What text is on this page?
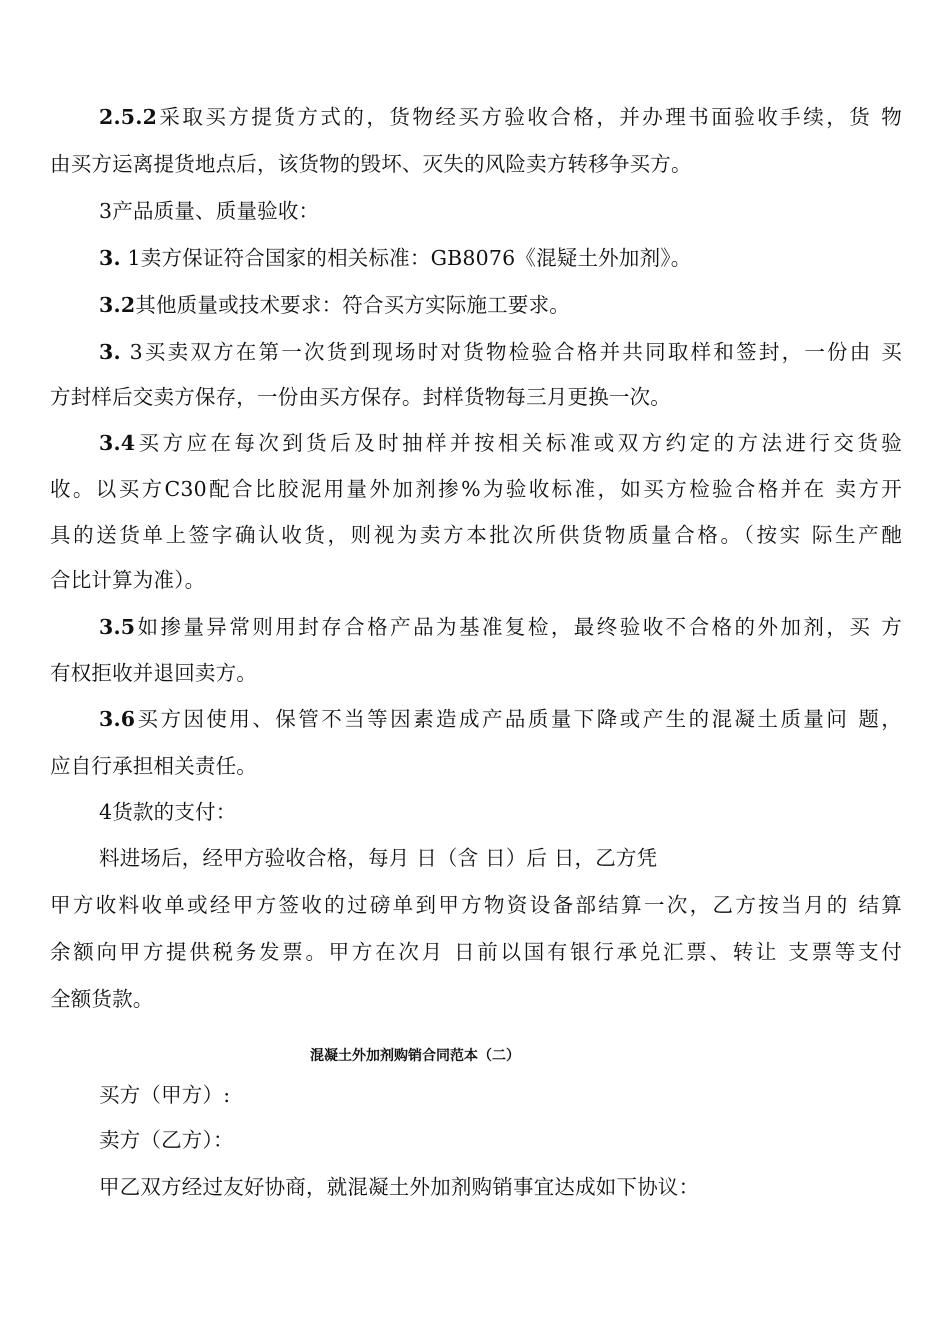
2.5.2采取买方提货方式的，货物经买方验收合格，并办理书面验收手续，货 物
由买方运离提货地点后，该货物的毁坏、灭失的风险卖方转移争买方。
3产品质量、质量验收：
3. 1卖方保证符合国家的相关标准：GB8076《混疑土外加剂》。
3.2其他质量或技术要求：符合买方实际施工要求。
3. 3买卖双方在第一次货到现场时对货物检验合格并共同取样和签封，一份由 买
方封样后交卖方保存，一份由买方保存。封样货物每三月更换一次。
3.4买方应在每次到货后及时抽样并按相关标准或双方约定的方法进行交货验
收。以买方C30配合比胶泥用量外加剂掺%为验收标准，如买方检验合格并在 卖方开
具的送货单上签字确认收货，则视为卖方本批次所供货物质量合格。（按实 际生产酏
合比计算为准）。
3.5如掺量异常则用封存合格产品为基准复检，最终验收不合格的外加剂，买 方
有权拒收并退回卖方。
3.6买方因使用、保管不当等因素造成产品质量下降或产生的混凝土质量问 题，
应自行承担相关责任。
4货款的支付：
料进场后，经甲方验收合格，每月 日（含 日）后 日，乙方凭
甲方收料收单或经甲方签收的过磅单到甲方物资设备部结算一次，乙方按当月的 结算
余额向甲方提供税务发票。甲方在次月 日前以国有银行承兑汇票、转让 支票等支付
全额货款。
混凝土外加剂购销合同范本（二）
买方（甲方）:
卖方（乙方）：
甲乙双方经过友好协商，就混凝土外加剂购销事宜达成如下协议：
